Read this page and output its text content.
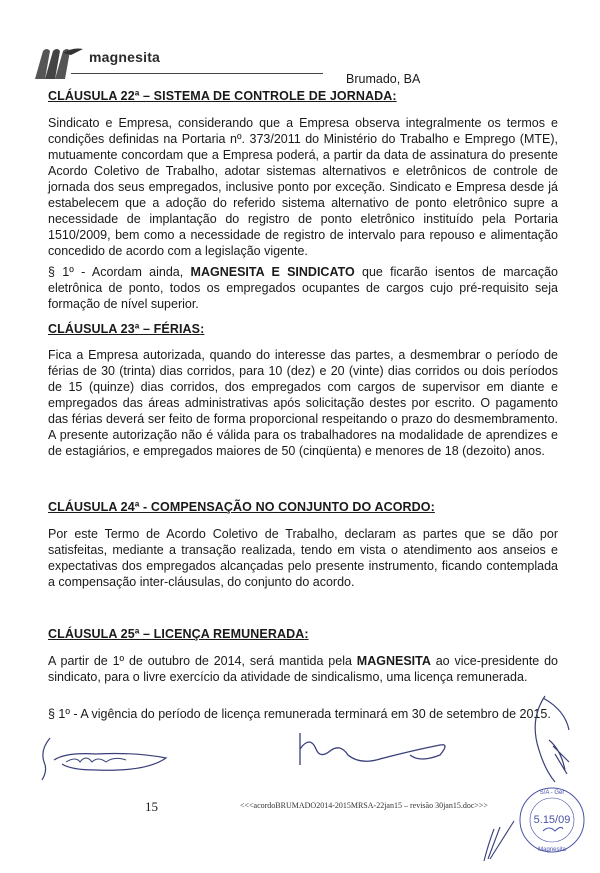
magnesita
Brumado, BA
CLÁUSULA 22ª – SISTEMA DE CONTROLE DE JORNADA:
Sindicato e Empresa, considerando que a Empresa observa integralmente os termos e condições definidas na Portaria nº. 373/2011 do Ministério do Trabalho e Emprego (MTE), mutuamente concordam que a Empresa poderá, a partir da data de assinatura do presente Acordo Coletivo de Trabalho, adotar sistemas alternativos e eletrônicos de controle de jornada dos seus empregados, inclusive ponto por exceção. Sindicato e Empresa desde já estabelecem que a adoção do referido sistema alternativo de ponto eletrônico supre a necessidade de implantação do registro de ponto eletrônico instituído pela Portaria 1510/2009, bem como a necessidade de registro de intervalo para repouso e alimentação concedido de acordo com a legislação vigente.
§ 1º - Acordam ainda, MAGNESITA E SINDICATO que ficarão isentos de marcação eletrônica de ponto, todos os empregados ocupantes de cargos cujo pré-requisito seja formação de nível superior.
CLÁUSULA 23ª – FÉRIAS:
Fica a Empresa autorizada, quando do interesse das partes, a desmembrar o período de férias de 30 (trinta) dias corridos, para 10 (dez) e 20 (vinte) dias corridos ou dois períodos de 15 (quinze) dias corridos, dos empregados com cargos de supervisor em diante e empregados das áreas administrativas após solicitação destes por escrito. O pagamento das férias deverá ser feito de forma proporcional respeitando o prazo do desmembramento. A presente autorização não é válida para os trabalhadores na modalidade de aprendizes e de estagiários, e empregados maiores de 50 (cinqüenta) e menores de 18 (dezoito) anos.
CLÁUSULA 24ª - COMPENSAÇÃO NO CONJUNTO DO ACORDO:
Por este Termo de Acordo Coletivo de Trabalho, declaram as partes que se dão por satisfeitas, mediante a transação realizada, tendo em vista o atendimento aos anseios e expectativas dos empregados alcançadas pelo presente instrumento, ficando contemplada a compensação inter-cláusulas, do conjunto do acordo.
CLÁUSULA 25ª – LICENÇA REMUNERADA:
A partir de 1º de outubro de 2014, será mantida pela MAGNESITA ao vice-presidente do sindicato, para o livre exercício da atividade de sindicalismo, uma licença remunerada.
§ 1º - A vigência do período de licença remunerada terminará em 30 de setembro de 2015.
5.15/09
S/A - Ger
Magnesita
15	<<<acordoBRUMADO2014-2015MRSA-22jan15 – revisão 30jan15.doc>>>
